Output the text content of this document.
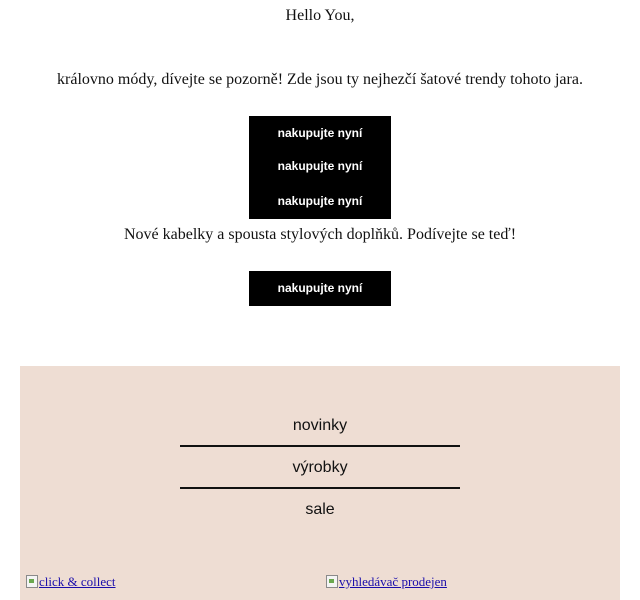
Hello You,
královno módy, dívejte se pozorně! Zde jsou ty nejhezčí šatové trendy tohoto jara.
nakupujte nyní
nakupujte nyní
nakupujte nyní
Nové kabelky a spousta stylových doplňků. Podívejte se teď!
nakupujte nyní
novinky
výrobky
sale
click & collect	vyhledávač prodejen
